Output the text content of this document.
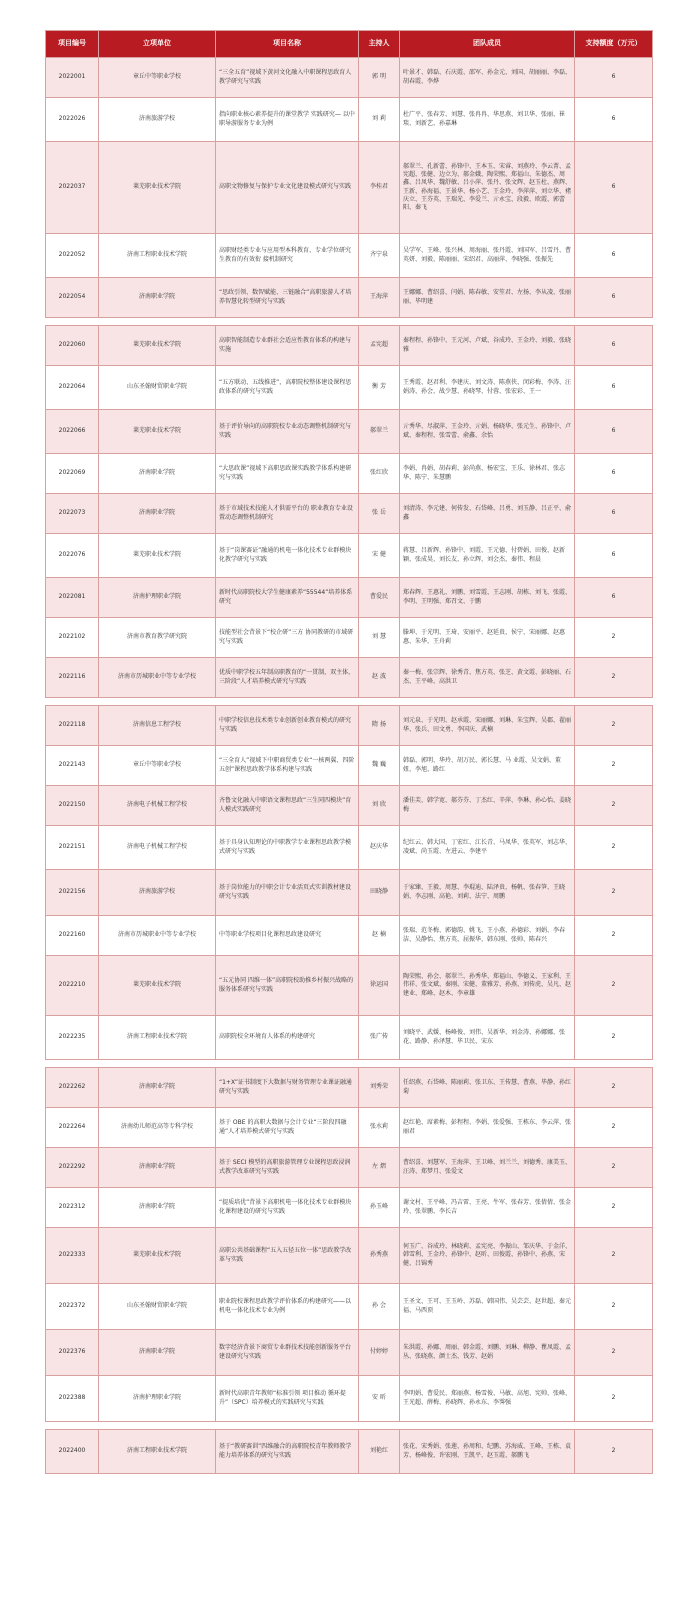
项目编号	立项单位	项目名称	主持人	团队成员	支持额度（万元）
2022001	章丘中等职业学校	“三全五育”视域下黄河文化融入中职课程思政育人教学研究与实践	郭 明	叶景才、韩磊、石庆霞、邵军、孙金元、刘国、胡丽丽、李磊、胡春霞、李烨	6
2022026	济南旅游学校	指向职业核心素养提升的课堂教学 实践研究— 以中职导游服务专业为例	刘 莉	杜广平、张春芳、刘慧、张冉冉、华思燕、刘卫华、张丽、崔琰、刘新艺、孙嘉琳	6
2022037	莱芜职业技术学院	高职文物修复与保护专业文化建设模式研究与实践	李桂君	郝翠兰、孔新蕾、孙锋中、王本玉、宋睿、刘燕玲、李云菁、孟宪超、张健、边立为、郝金娥、陶荣熙、郑福山、朱德杰、周鑫、吕凤华、魏舒敏、吕小萍、张丹、张文辉、赵玉杜、燕辉、王新、孙海福、王景华、杨小艺、王金玲、李萍萍、刘立华、褚庆立、王芬英、王瑞光、李爱兰、亓永宝、段毅、欧霞、郭蕾阳、秦飞	6
2022052	济南工程职业技术学院	高职财经类专业与应用型本科教育、专业学位研究生教育的有效衔 接机制研究	齐宁泉	吴学军、王峰、张兴林、周海丽、张丹霞、刘国军、吕雪丹、曹英妍、刘毅、陈丽丽、宋绍君、高丽萍、李晓强、张振先	6
2022054	济南职业学院	“思政引领、数智赋能、三链融合”高职旅游人才培养智慧化转型研究与实践	王海萍	王娜娜、曹绍喜、闫娟、陈春敏、安笙君、左扬、李从凌、张丽丽、毕明建	6

2022060	莱芜职业技术学院	高职智能制造专业群社会适应性教育体系的构建与实施	孟宪超	秦程程、孙锋中、王元河、卢斌、谷成玲、王金玲、刘毅、张晓雅	6
2022064	山东圣翰财贸职业学院	“五方联动、五线推进”，高职院校整体建设课程思政体系的研究与实践	衡 芳	王秀霞、赵君利、李建庆、刘文涛、陈燕侠、闵彩梅、李涛、汪娟涛、孙会、战少慧、孙晓琴、付蓉、张宏彩、王一	6
2022066	莱芜职业技术学院	基于评价导向的高职院校专业动态调整机制研究与实践	郝翠兰	亓秀华、尽淑萍、王金玲、亓娟、杨晓华、张元生、孙锋中、卢斌、秦程程、张雪蕾、俞鑫、余怡	6
2022069	济南职业学院	“大思政课”视域下高职思政课实践教学体系构建研究与实践	张红欣	李娟、冉娟、胡春莉、彭尚燕、杨宏宝、王乐、徐林君、张志华、陈宁、朱慧鹏	6
2022073	济南职业学院	基于市域技术技能人才供需平台的 职业教育专业设置动态调整机制研究	张 岳	刘清涛、李元建、何传发、石岱峰、吕勇、刘玉静、吕正平、俞鑫	6
2022076	莱芜职业技术学院	基于“岗课赛证”融通的机电一体化技术专业群模块化教学研究与实践	宋 健	蒋慧、吕新辉、孙锋中、刘霞、王元德、付碧娟、田俊、赵新颖、张成昊、刘长友、孙立辉、刘会杰、秦伟、程晨	6
2022081	济南护理职业学院	新时代高职院校大学生健康素养“55544”培养体系研究	曹爱民	郑春辉、王惠礼、刘鹏、刘雪霞、王志刚、胡栋、刘飞、张霞、李明、王明强、郑召文、于鹏	6
2022102	济南市教育教学研究院	技能型社会背景下“校企研”三方 协同教研的市域研究与实践	刘 慧	滕坤、于光明、王琦、安丽平、赵延贵、侯宁、宋丽娜、赵惠惠、朱华、王舟莉	2
2022116	济南市历城职业中等专业学校	优质中职学校五年制高职教育的“一贯制，双主体，三阶段”人才培养模式研究与实践	赵 波	秦一梅、张宗辉、徐秀青、焦方英、张芝、黄文霞、彭晓丽、石杰、王平峰、高洪卫	2

2022118	济南信息工程学校	中职学校信息技术类专业创新创业教育模式的研究与实践	隋 扬	刘元泉、于光明、赵承霞、宋丽娜、刘琳、朱宝辉、吴郡、翟丽华、张兵、田文勇、李国庆、武楠	2
2022143	章丘中等职业学校	“三全育人”视域下中职商贸类专业“一核两翼、四阶五创”课程思政教学体系构建与实践	魏 巍	韩磊、郭明、华玲、胡万民、郭长慧、马 业霞、吴文娟、董妞、李旭、路红	2
2022150	济南电子机械工程学校	齐鲁文化融入中职语文课程思政“三生同四模块”育人模式实践研究	刘 欣	潘佳芙、韩学宽、郝芬芬、丁杰红、辛萍、李琳、孙心怡、姜晓梅	2
2022151	济南电子机械工程学校	基于具身认知理论的中职教学专业课程思政教学模式研究与实践	赵庆华	纪红云、韩大国、丁宏红、江长青、马凤华、张英军、刘志华、凌斌、尚玉霞、左进云、李建平	2
2022156	济南旅游学校	基于岗位能力的中职会计专业活页式实训教材建设研究与实践	田晓静	于家臻、王毅、周慧、李琨迪、陆泽贵、杨帆、张春笋、王晓娟、李志刚、高艳、刘莉、法宁、周鹏	2
2022160	济南市历城职业中等专业学校	中等职业学校项目化课程思政建设研究	赵 楠	张瑞、范冬梅、郭德韵、姚飞、王小燕、孙德彩、刘娟、李春洁、吴静怡、焦方英、屈振华、韩东刚、张帅、陈春兴	2
2022210	莱芜职业技术学院	“五元协同 四维一体”高职院校助推乡村振兴战略的服务体系研究与实践	徐运国	陶荣熙、孙会、郝翠兰、孙秀华、郑福山、李德义、王家利、王伟祥、张文斌、秦刚、宋健、董雅芳、孙燕、刘传虎、吴凡、赵建业、郑峰、赵木、李章雄	2
2022235	济南工程职业技术学院	高职院校全环境育人体系的构建研究	张广传	刘晓平、武媛、杨峰俊、刘伟、吴新华、刘金涛、孙娜娜、张花、路静、孙泽慧、毕卫民、宋东	2

2022262	济南职业学院	“1+X”证书制度下大数据与财务管理专业课证融通研究与实践	刘秀荣	任绍燕、石岱峰、陈丽莉、张卫东、王传慧、曹燕、毕静、孙红菊	2
2022264	济南幼儿师范高等专科学校	基于 OBE 的高职大数据与会计专业“三阶段四融通”人才培养模式研究与实践	张水莉	赵红艳、席素梅、彭程程、李娟、张爱强、王栋东、李云萍、张丽君	2
2022292	济南职业学院	基于 SECI 模型的高职旅游管理专业课程思政浸润式教学改革研究与实践	左 熠	曹绍喜、刘慧军、王海萍、王卫峰、刘兰兰、刘德秀、康美玉、汪涛、郑梦月、张爱文	2
2022312	济南职业学院	“提质培优”背景下高职机电一体化技术专业群模块化课程建设的研究与实践	孙玉峰	谢文村、王平峰、冯吉雷、王亮、牛军、张春芳、张倩倩、张金玲、张翠鹏、李长吉	2
2022333	莱芜职业技术学院	高职公共基础课程“五入五径五位一体”思政教学改革与实践	孙秀燕	何玉广、谷成玲、林晓莉、孟宪亮、李振山、邹庆华、于金洋、韩雪利、王金玲、孙锋中、赵昕、田俊霞、孙锋中、孙燕、宋健、吕锦秀	2
2022372	山东圣翰财贸职业学院	职业院校课程思政教学评价体系的构建研究——以机电一体化技术专业为例	孙 会	王圣文、王可、王玉岭、苏磊、韩国伟、吴芸芸、赵世超、秦元福、马西顶	2
2022376	济南职业学院	数字经济背景下商贸专业群技术技能创新服务平台建设研究与实践	付婷婷	朱洪霞、孙娜、周丽、韩金霞、刘鹏、刘琳、柳静、瞿凤霞、孟丛、张晓燕、颜士杰、钱芳、赵娟	2
2022388	济南护理职业学院	新时代高职青年教师“标准引领 项目推动 循环提升”（SPC）培养模式的实践研究与实践	安 昕	李明娟、曹爱民、郑丽燕、杨雪俊、马敏、高旭、宪帅、张峰、王光超、薛梅、孙晓辉、孙永东、李霁强	2

2022400	济南工程职业技术学院	基于“教研赛训”四维融合的高职院校青年教师教学能力培养体系的研究与实践	刘艳红	张花、宋秀娟、张莲、孙周和、纪鹏、苏海威、王峰、王栋、袁芳、杨峰俊、许宏刚、王凯平、赵玉霞、郝鹏飞	2
